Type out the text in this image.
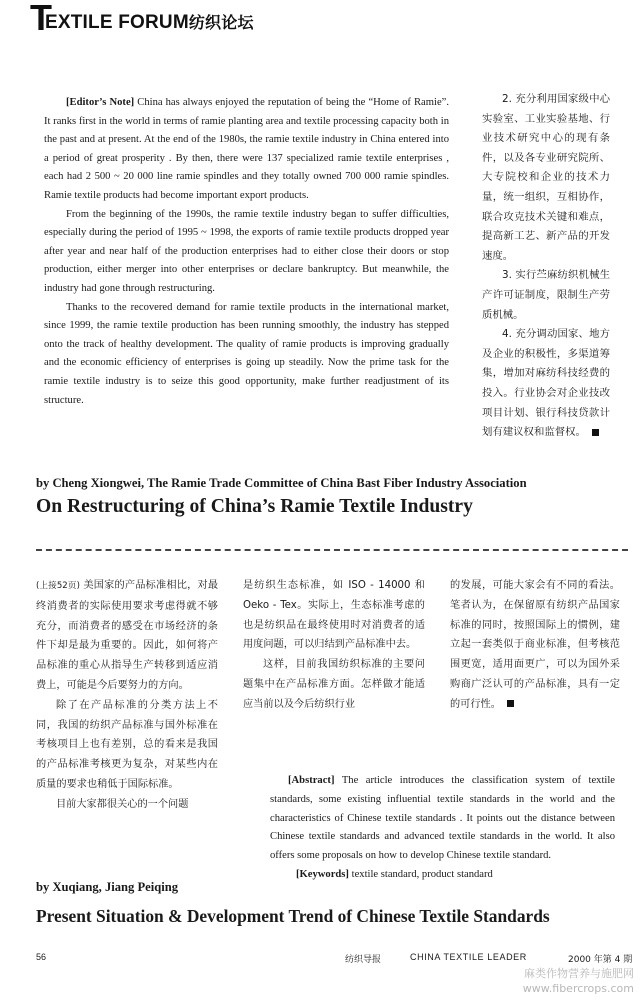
T
EXTILE FORUM纺织论坛

[Editor’s Note] China has always enjoyed the reputation of being the “Home of Ramie”. It ranks first in the world in terms of ramie planting area and textile processing capacity both in the past and at present. At the end of the 1980s, the ramie textile industry in China entered into a period of great prosperity . By then, there were 137 specialized ramie textile enterprises , each had 2 500 ~ 20 000 line ramie spindles and they totally owned 700 000 ramie spindles. Ramie textile products had become important export products.

From the beginning of the 1990s, the ramie textile industry began to suffer difficulties, especially during the period of 1995 ~ 1998, the exports of ramie textile products dropped year after year and near half of the production enterprises had to either close their doors or stop production, either merger into other enterprises or declare bankruptcy. But meanwhile, the industry had gone through restructuring.

Thanks to the recovered demand for ramie textile products in the international market, since 1999, the ramie textile production has been running smoothly, the industry has stepped onto the track of healthy development. The quality of ramie products is improving gradually and the economic efficiency of enterprises is going up steadily. Now the prime task for the ramie textile industry is to seize this good opportunity, make further readjustment of its structure.

2. 充分利用国家级中心实验室、工业实验基地、行业技术研究中心的现有条件，以及各专业研究院所、大专院校和企业的技术力量，统一组织，互相协作，联合攻克技术关键和难点，提高新工艺、新产品的开发速度。

3. 实行苎麻纺织机械生产许可证制度，限制生产劳质机械。

4. 充分调动国家、地方及企业的积极性，多渠道筹集，增加对麻纺科技经费的投入。行业协会对企业技改项目计划、银行科技贷款计划有建议权和监督权。

by Cheng Xiongwei, The Ramie Trade Committee of China Bast Fiber Industry Association
On Restructuring of China’s Ramie Textile Industry

(上接52页) 美国家的产品标准相比，对最终消费者的实际使用要求考虑得就不够充分，而消费者的感受在市场经济的条件下却是最为重要的。因此，如何将产品标准的重心从指导生产转移到适应消费上，可能是今后要努力的方向。

除了在产品标准的分类方法上不同，我国的纺织产品标准与国外标准在考核项目上也有差别，总的看来是我国的产品标准考核更为复杂，对某些内在质量的要求也稍低于国际标准。

目前大家都很关心的一个问题

是纺织生态标准，如 ISO - 14000 和 Oeko - Tex。实际上，生态标准考虑的也是纺织品在最终使用时对消费者的适用度问题，可以归结到产品标准中去。

这样，目前我国纺织标准的主要问题集中在产品标准方面。怎样做才能适应当前以及今后纺织行业

的发展，可能大家会有不同的看法。笔者认为，在保留原有纺织产品国家标准的同时，按照国际上的惯例，建立起一套类似于商业标准，但考核范围更宽，适用面更广，可以为国外采购商广泛认可的产品标准，具有一定的可行性。

[Abstract] The article introduces the classification system of textile standards, some existing influential textile standards in the world and the characteristics of Chinese textile standards . It points out the distance between Chinese textile standards and advanced textile standards in the world. It also offers some proposals on how to develop Chinese textile standard.

[Keywords] textile standard, product standard

by Xuqiang, Jiang Peiqing
Present Situation & Development Trend of Chinese Textile Standards
56	纺织导报	CHINA TEXTILE LEADER	2000 年第 4 期
麻类作物营养与施肥网
www.fibercrops.com
